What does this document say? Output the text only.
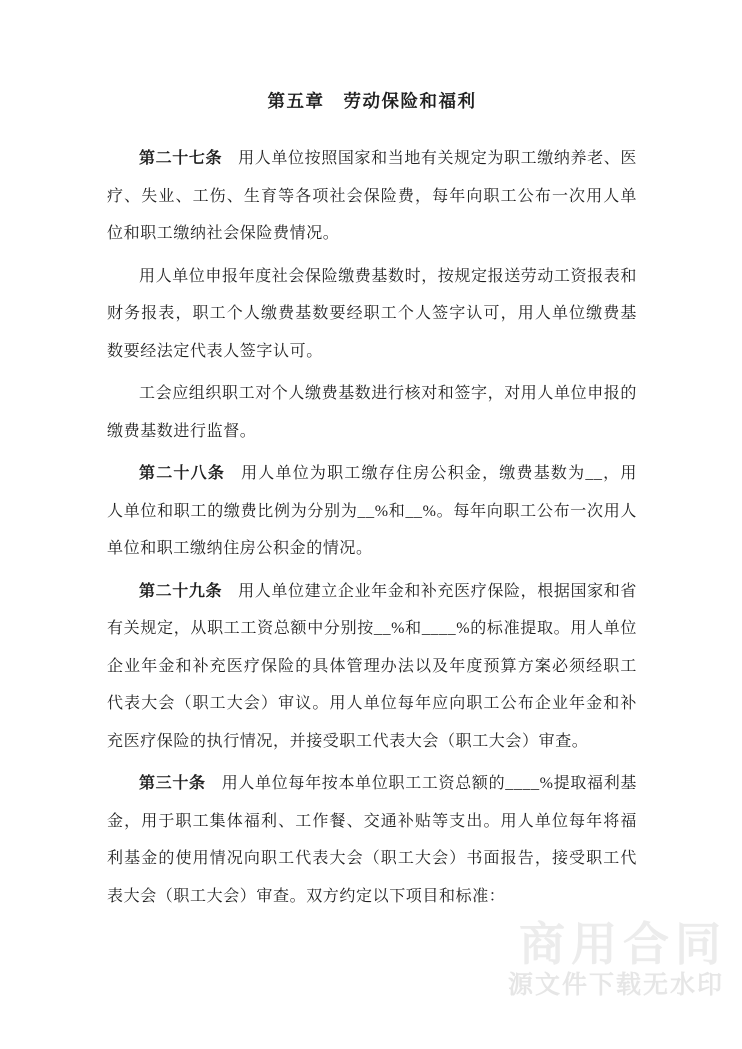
商用合同
源文件下载无水印
第五章　劳动保险和福利

第二十七条 用人单位按照国家和当地有关规定为职工缴纳养老、医疗、失业、工伤、生育等各项社会保险费，每年向职工公布一次用人单位和职工缴纳社会保险费情况。

用人单位申报年度社会保险缴费基数时，按规定报送劳动工资报表和财务报表，职工个人缴费基数要经职工个人签字认可，用人单位缴费基数要经法定代表人签字认可。

工会应组织职工对个人缴费基数进行核对和签字，对用人单位申报的缴费基数进行监督。

第二十八条 用人单位为职工缴存住房公积金，缴费基数为__，用人单位和职工的缴费比例为分别为__%和__%。每年向职工公布一次用人单位和职工缴纳住房公积金的情况。

第二十九条 用人单位建立企业年金和补充医疗保险，根据国家和省有关规定，从职工工资总额中分别按__%和____%的标准提取。用人单位企业年金和补充医疗保险的具体管理办法以及年度预算方案必须经职工代表大会（职工大会）审议。用人单位每年应向职工公布企业年金和补充医疗保险的执行情况，并接受职工代表大会（职工大会）审查。

第三十条 用人单位每年按本单位职工工资总额的____%提取福利基金，用于职工集体福利、工作餐、交通补贴等支出。用人单位每年将福利基金的使用情况向职工代表大会（职工大会）书面报告，接受职工代表大会（职工大会）审查。双方约定以下项目和标准：
